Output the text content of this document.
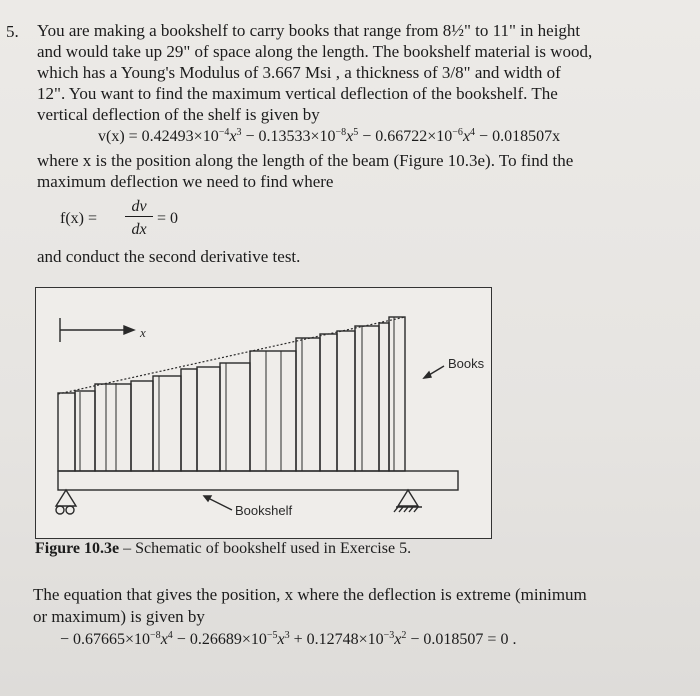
5. You are making a bookshelf to carry books that range from 8½" to 11" in height
and would take up 29" of space along the length. The bookshelf material is wood,
which has a Young's Modulus of 3.667 Msi , a thickness of 3/8" and width of
12". You want to find the maximum vertical deflection of the bookshelf. The
vertical deflection of the shelf is given by
$v(x) = 0.42493\times 10^{-4}x^3 - 0.13533\times 10^{-8}x^5 - 0.66722\times 10^{-6}x^4 - 0.018507x$
where x is the position along the length of the beam (Figure 10.3e). To find the
maximum deflection we need to find where
f(x) =
dv
dx
= 0
and conduct the second derivative test.
x
Books
Bookshelf
Figure 10.3e – Schematic of bookshelf used in Exercise 5.
The equation that gives the position, x where the deflection is extreme (minimum
or maximum) is given by
− $0.67665\times 10^{-8}x^4 - 0.26689\times 10^{-5}x^3 + 0.12748\times 10^{-3}x^2 - 0.018507 = 0$ .
